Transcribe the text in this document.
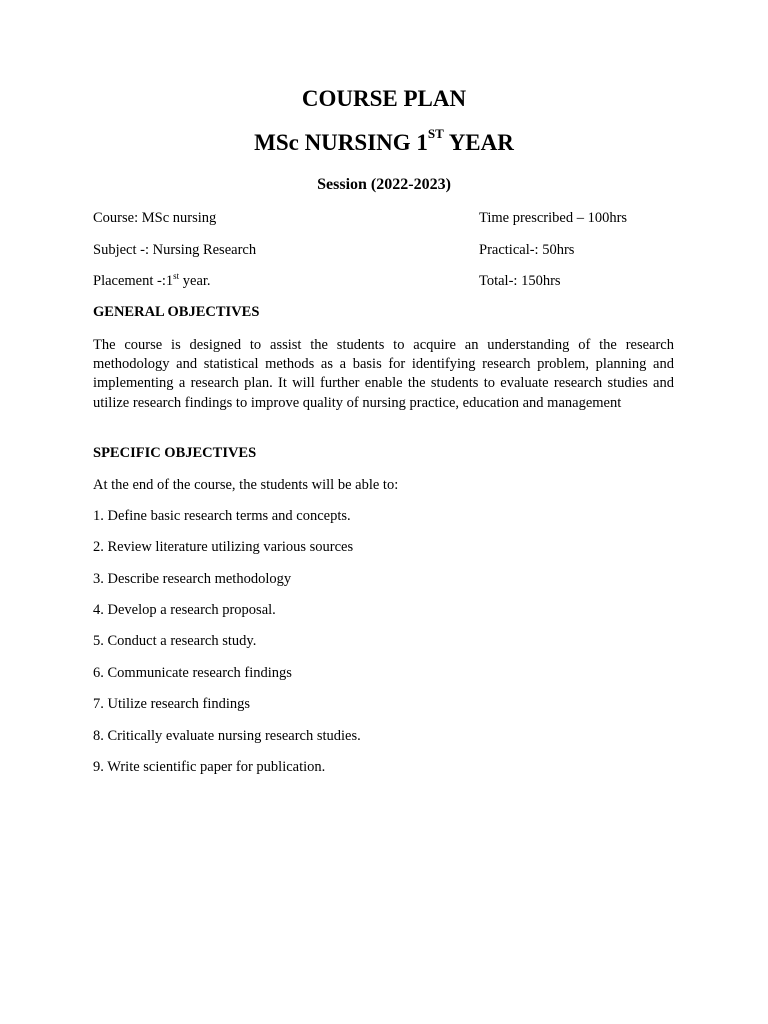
COURSE PLAN
MSc NURSING 1ST YEAR
Session (2022-2023)
Course: MSc nursing	Time prescribed – 100hrs
Subject -: Nursing Research	Practical-: 50hrs
Placement -:1st year.	Total-: 150hrs
GENERAL OBJECTIVES
The course is designed to assist the students to acquire an understanding of the research methodology and statistical methods as a basis for identifying research problem, planning and implementing a research plan. It will further enable the students to evaluate research studies and utilize research findings to improve quality of nursing practice, education and management
SPECIFIC OBJECTIVES
At the end of the course, the students will be able to:
1. Define basic research terms and concepts.
2. Review literature utilizing various sources
3. Describe research methodology
4. Develop a research proposal.
5. Conduct a research study.
6. Communicate research findings
7. Utilize research findings
8. Critically evaluate nursing research studies.
9. Write scientific paper for publication.
